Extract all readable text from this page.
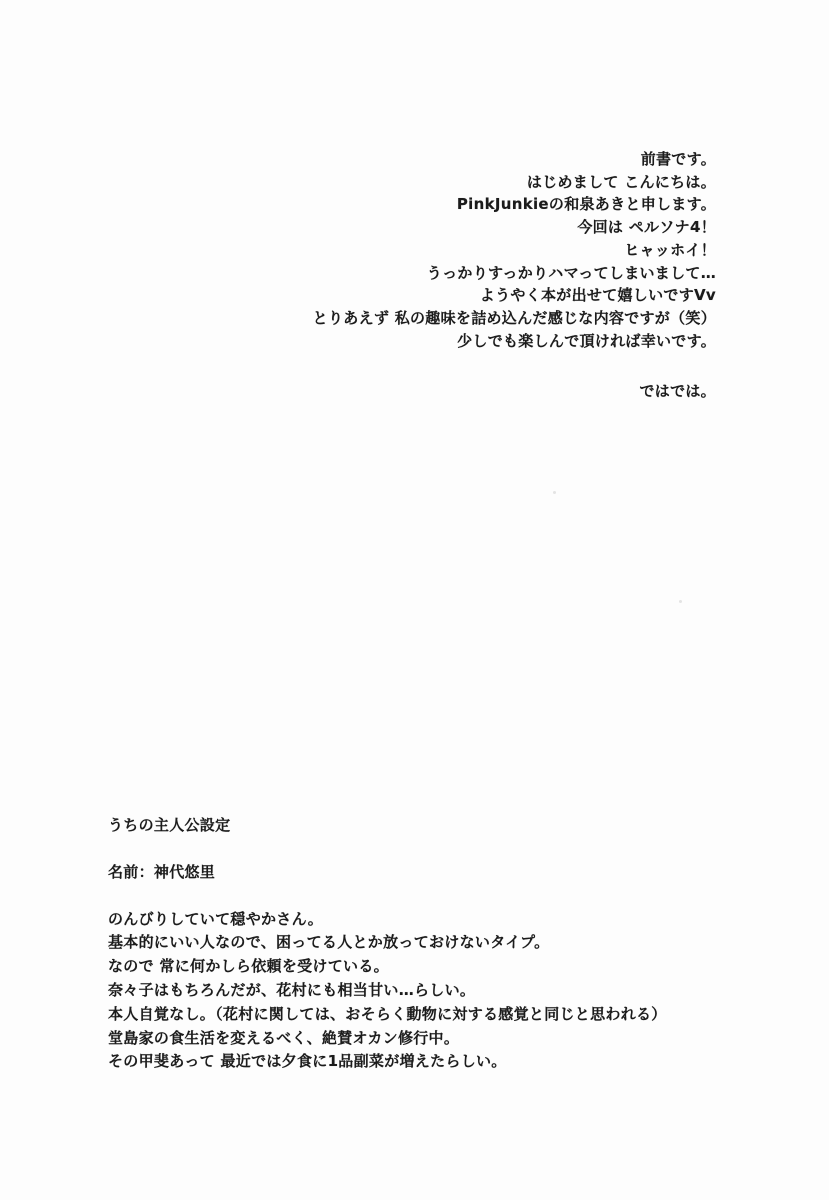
前書です。
はじめまして こんにちは。
PinkJunkieの和泉あきと申します。
今回は ペルソナ4！
ヒャッホイ！
うっかりすっかりハマってしまいまして…
ようやく本が出せて嬉しいですVv
とりあえず 私の趣味を詰め込んだ感じな内容ですが（笑）
少しでも楽しんで頂ければ幸いです。
ではでは。
うちの主人公設定
名前：神代悠里
のんびりしていて穏やかさん。
基本的にいい人なので、困ってる人とか放っておけないタイプ。
なので 常に何かしら依頼を受けている。
奈々子はもちろんだが、花村にも相当甘い…らしい。
本人自覚なし。（花村に関しては、おそらく動物に対する感覚と同じと思われる）
堂島家の食生活を変えるべく、絶賛オカン修行中。
その甲斐あって 最近では夕食に1品副菜が増えたらしい。
